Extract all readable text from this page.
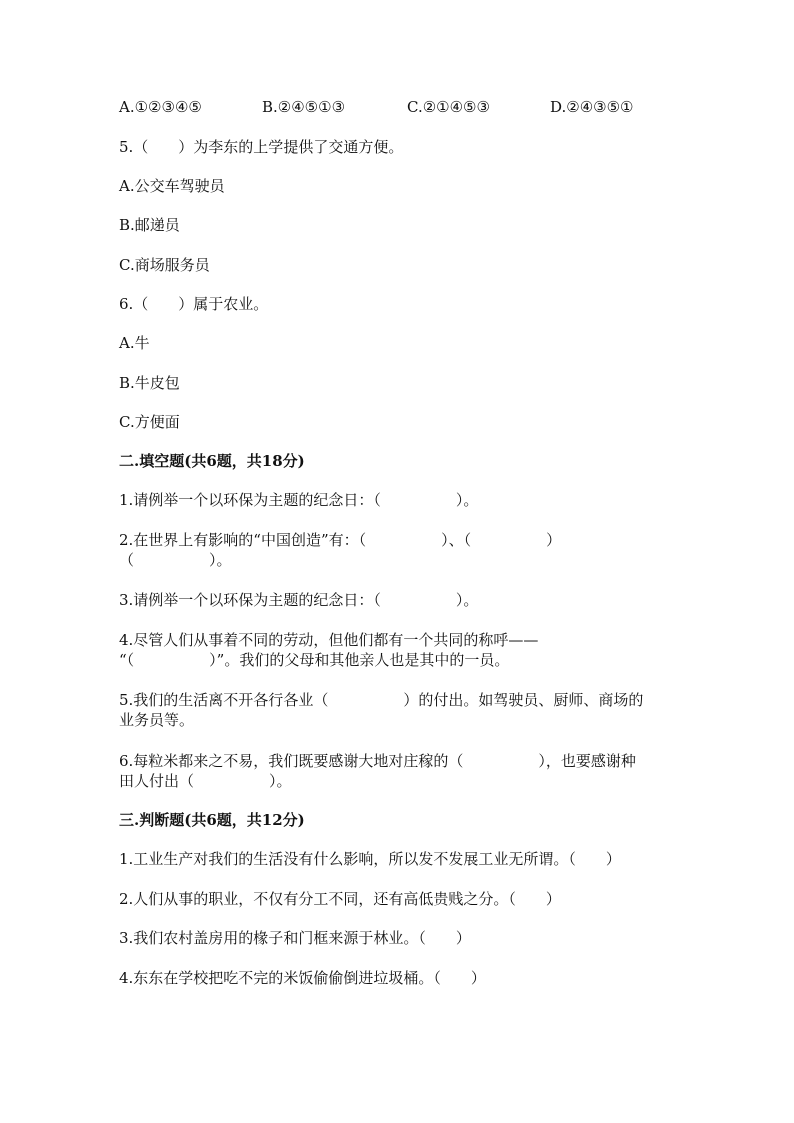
A.①②③④⑤	B.②④⑤①③	C.②①④⑤③	D.②④③⑤①
5.（　　）为李东的上学提供了交通方便。
A.公交车驾驶员
B.邮递员
C.商场服务员
6.（　　）属于农业。
A.牛
B.牛皮包
C.方便面
二.填空题(共6题，共18分)
1.请例举一个以环保为主题的纪念日：（　　　　　）。
2.在世界上有影响的“中国创造”有：（　　　　　）、（　　　　　）
（　　　　　）。
3.请例举一个以环保为主题的纪念日：（　　　　　）。
4.尽管人们从事着不同的劳动，但他们都有一个共同的称呼——
“（　　　　　）”。我们的父母和其他亲人也是其中的一员。
5.我们的生活离不开各行各业（　　　　　）的付出。如驾驶员、厨师、商场的
业务员等。
6.每粒米都来之不易，我们既要感谢大地对庄稼的（　　　　　），也要感谢种
田人付出（　　　　　）。
三.判断题(共6题，共12分)
1.工业生产对我们的生活没有什么影响，所以发不发展工业无所谓。（　　）
2.人们从事的职业，不仅有分工不同，还有高低贵贱之分。（　　）
3.我们农村盖房用的椽子和门框来源于林业。（　　）
4.东东在学校把吃不完的米饭偷偷倒进垃圾桶。（　　）
